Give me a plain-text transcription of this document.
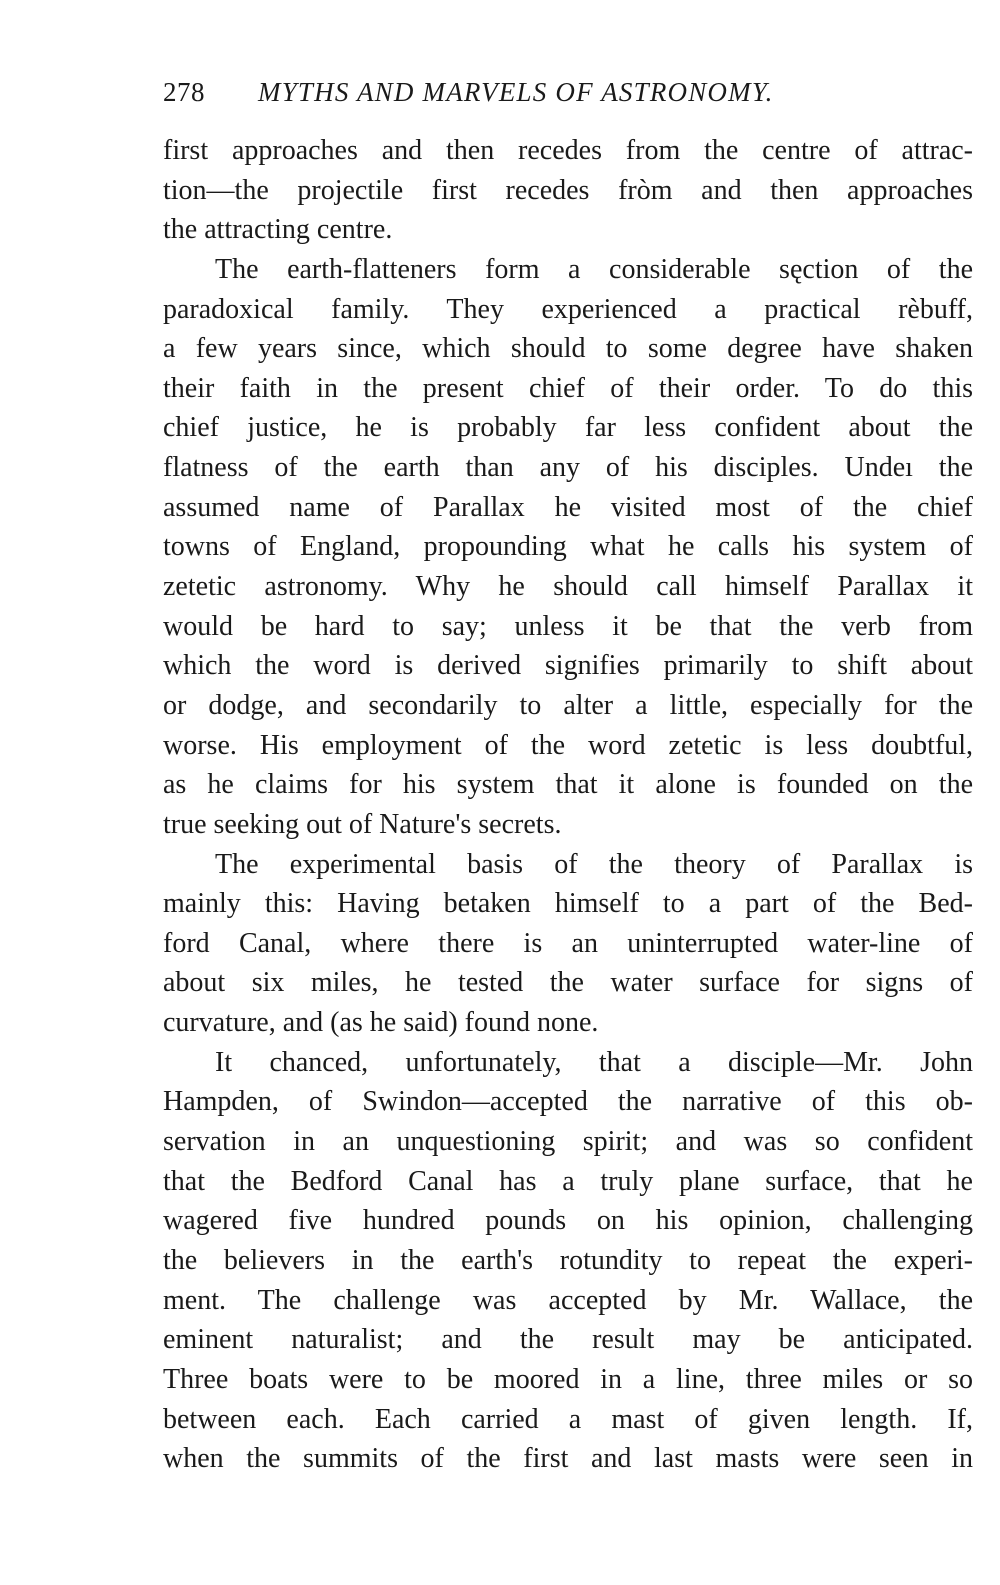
278 MYTHS AND MARVELS OF ASTRONOMY.
first approaches and then recedes from the centre of attrac-
tion—the projectile first recedes fròm and then approaches
the attracting centre.
The earth-flatteners form a considerable sęction of the
paradoxical family. They experienced a practical rèbuff,
a few years since, which should to some degree have shaken
their faith in the present chief of their order. To do this
chief justice, he is probably far less confident about the
flatness of the earth than any of his disciples. Undeı the
assumed name of Parallax he visited most of the chief
towns of England, propounding what he calls his system of
zetetic astronomy. Why he should call himself Parallax it
would be hard to say; unless it be that the verb from
which the word is derived signifies primarily to shift about
or dodge, and secondarily to alter a little, especially for the
worse. His employment of the word zetetic is less doubtful,
as he claims for his system that it alone is founded on the
true seeking out of Nature's secrets.
The experimental basis of the theory of Parallax is
mainly this: Having betaken himself to a part of the Bed-
ford Canal, where there is an uninterrupted water-line of
about six miles, he tested the water surface for signs of
curvature, and (as he said) found none.
It chanced, unfortunately, that a disciple—Mr. John
Hampden, of Swindon—accepted the narrative of this ob-
servation in an unquestioning spirit; and was so confident
that the Bedford Canal has a truly plane surface, that he
wagered five hundred pounds on his opinion, challenging
the believers in the earth's rotundity to repeat the experi-
ment. The challenge was accepted by Mr. Wallace, the
eminent naturalist; and the result may be anticipated.
Three boats were to be moored in a line, three miles or so
between each. Each carried a mast of given length. If,
when the summits of the first and last masts were seen in
